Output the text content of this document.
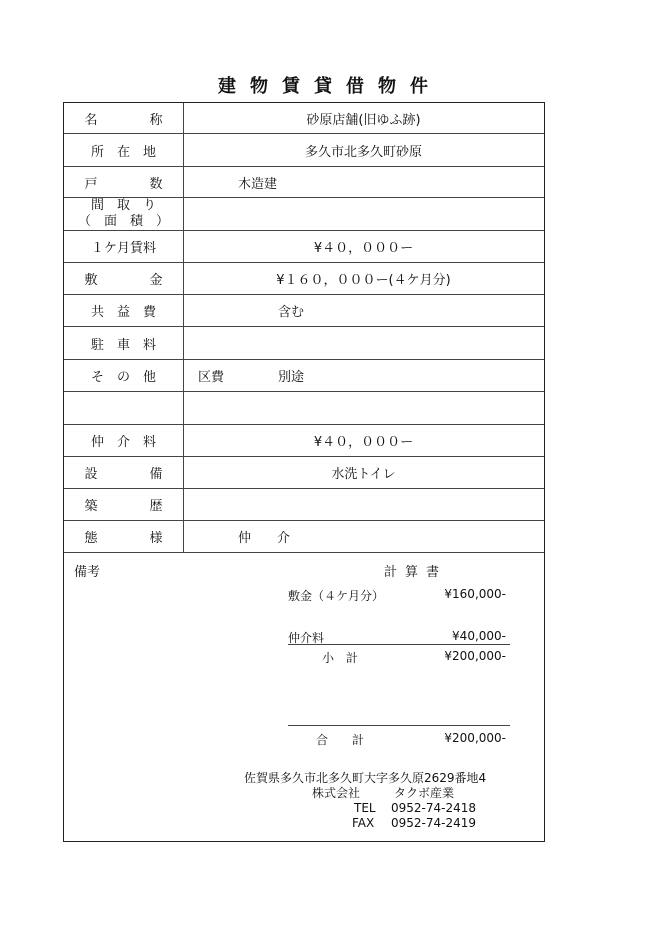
建物賃貸借物件
名　　　　称	砂原店舗(旧ゆふ跡)
所　在　地	多久市北多久町砂原
戸　　　　数	木造建
間　取　り
（　面　積　）
１ケ月賃料	¥４０，０００ー
敷　　　　金	¥１６０，０００ー(４ケ月分)
共　益　費	含む
駐　車　料
そ　の　他	区費	別途
仲　介　料	¥４０，０００ー
設　　　　備	水洗トイレ
築　　　　歴
態　　　　様	仲　　介
備考	計算書
敷金（４ケ月分）	¥160,000-
仲介料	¥40,000-
小　計	¥200,000-
合　　計	¥200,000-
佐賀県多久市北多久町大字多久原2629番地4
株式会社	タクボ産業
TEL 0952-74-2418
FAX 0952-74-2419
